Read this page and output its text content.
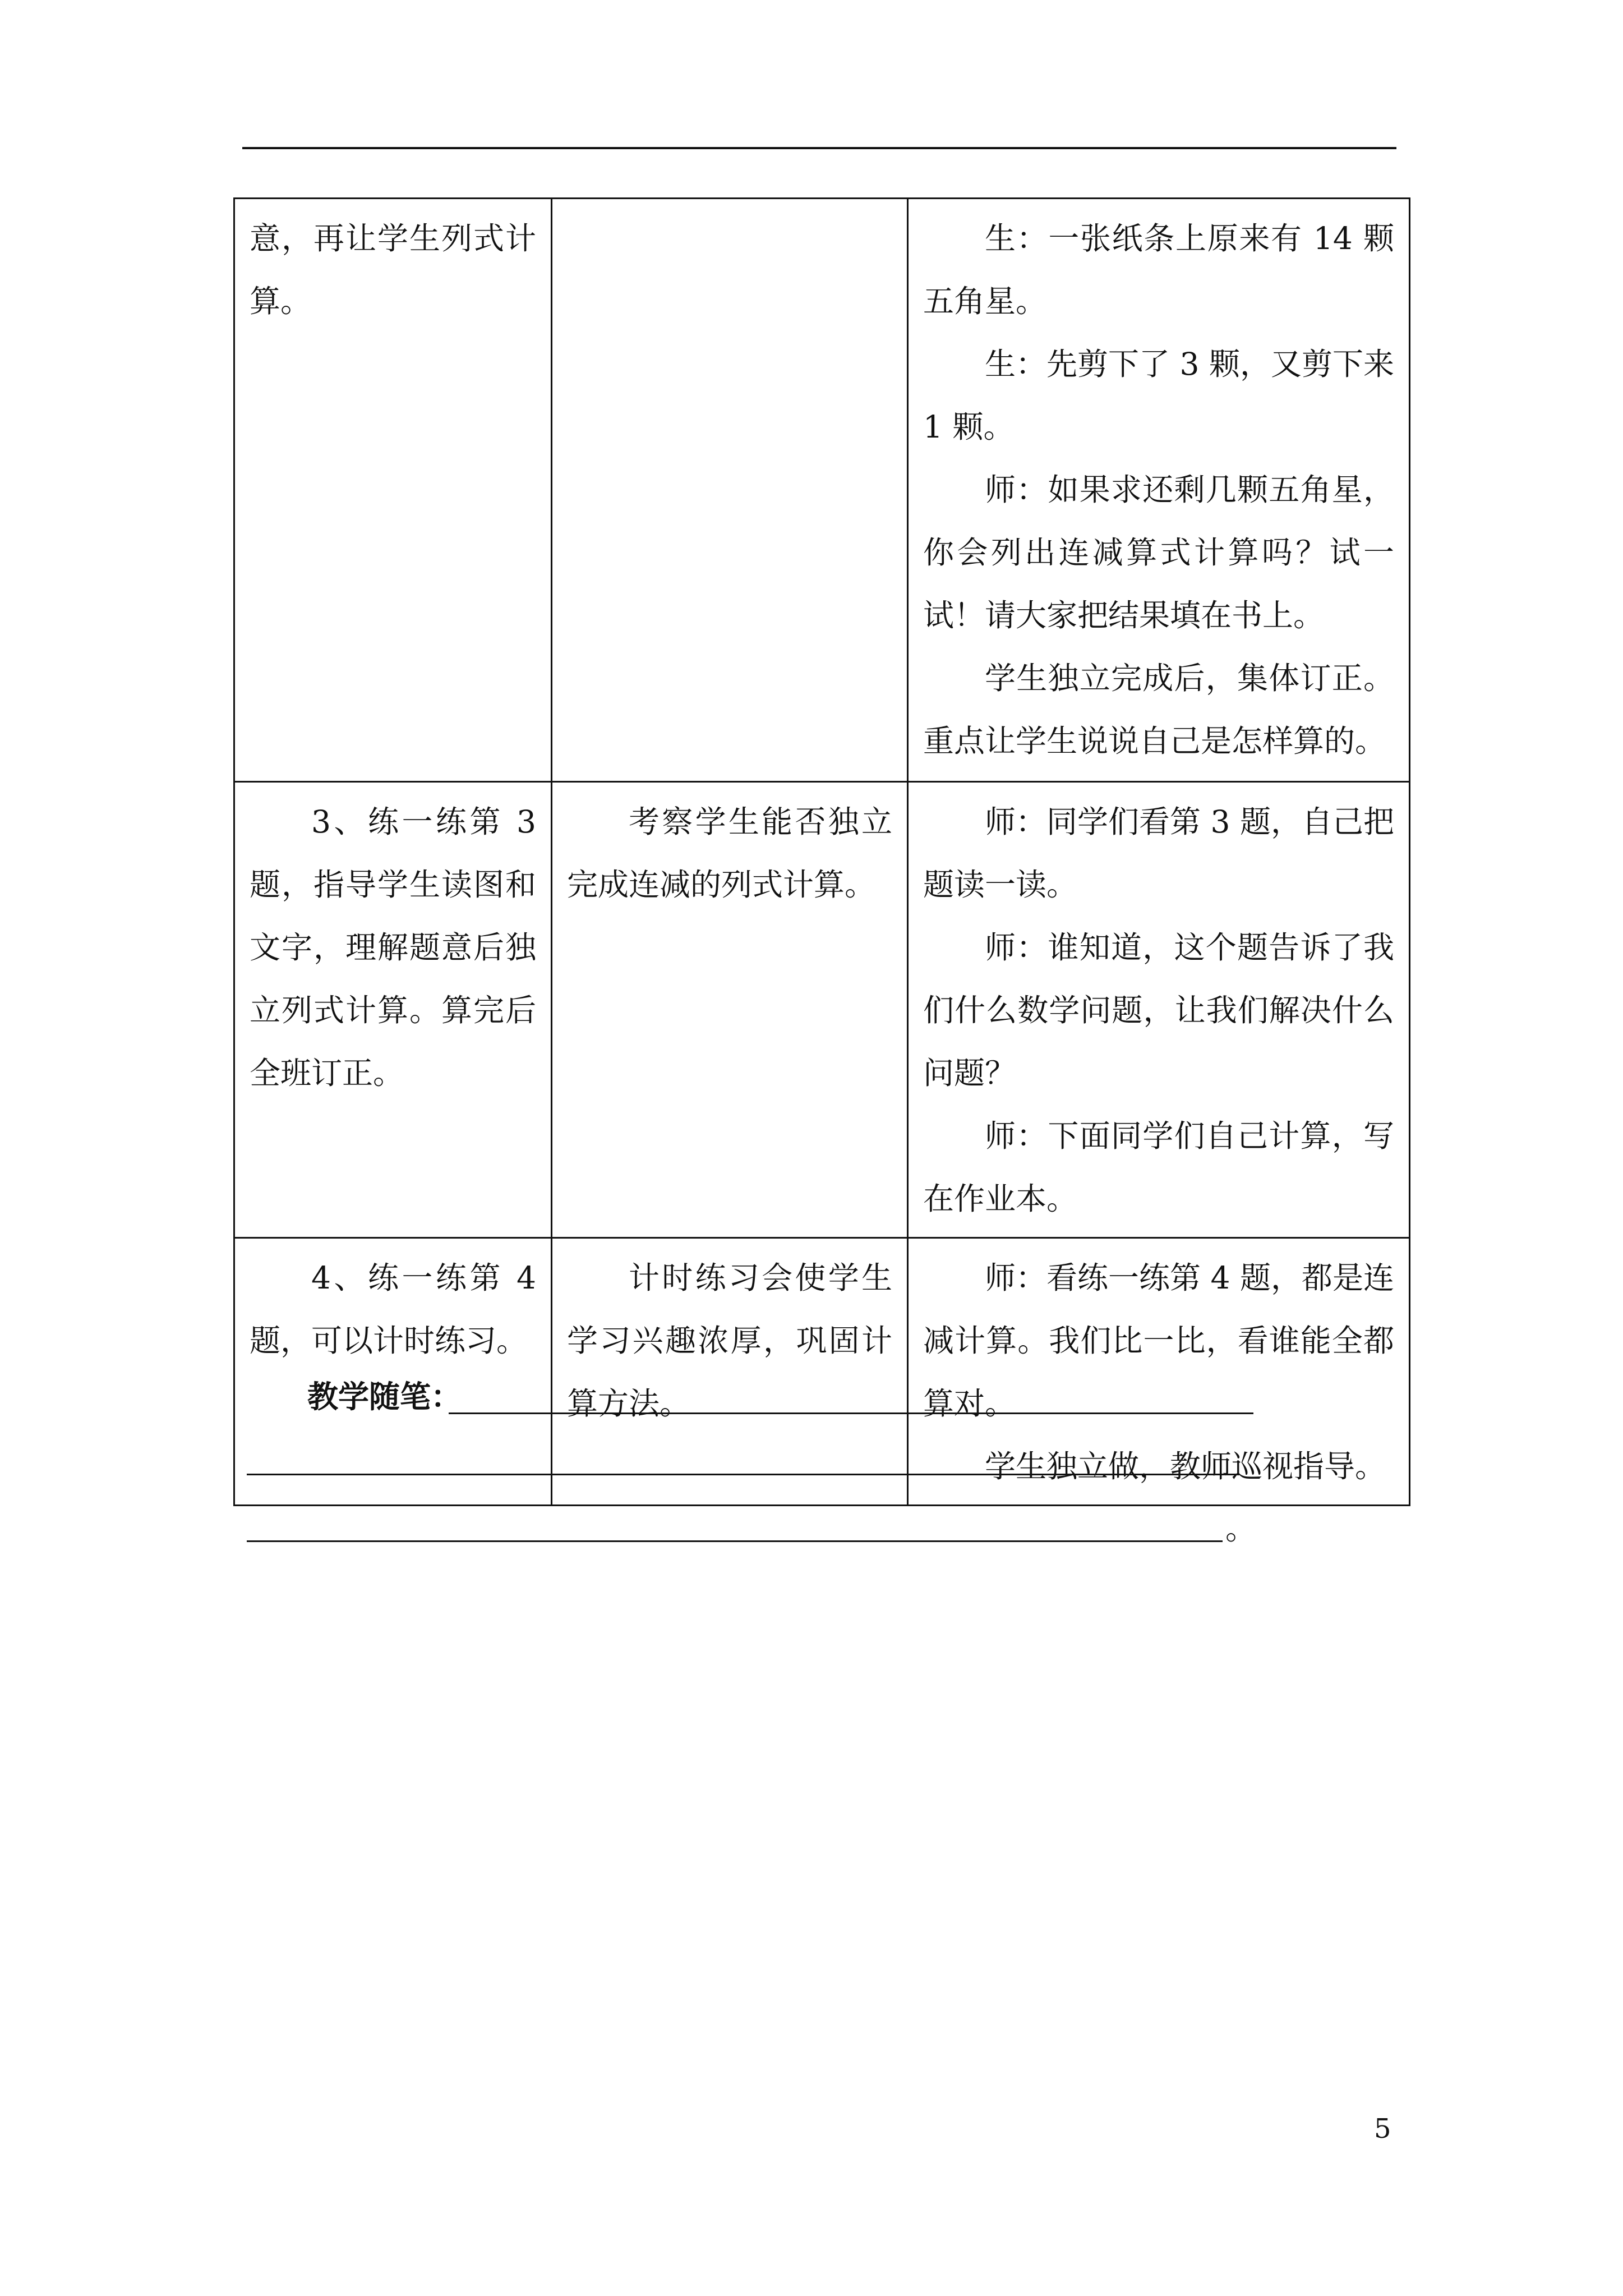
意，再让学生列式计算。		生：一张纸条上原来有 14 颗五角星。

生：先剪下了 3 颗，又剪下来 1 颗。

师：如果求还剩几颗五角星，你会列出连减算式计算吗？试一试！请大家把结果填在书上。

学生独立完成后，集体订正。重点让学生说说自己是怎样算的。

3、练一练第 3 题，指导学生读图和文字，理解题意后独立列式计算。算完后全班订正。	考察学生能否独立完成连减的列式计算。	师：同学们看第 3 题，自己把题读一读。

师：谁知道，这个题告诉了我们什么数学问题，让我们解决什么问题？

师：下面同学们自己计算，写在作业本。

4、练一练第 4 题，可以计时练习。	计时练习会使学生学习兴趣浓厚，巩固计算方法。	师：看练一练第 4 题，都是连减计算。我们比一比，看谁能全都算对。

学生独立做，教师巡视指导。

教学随笔：
。
5
